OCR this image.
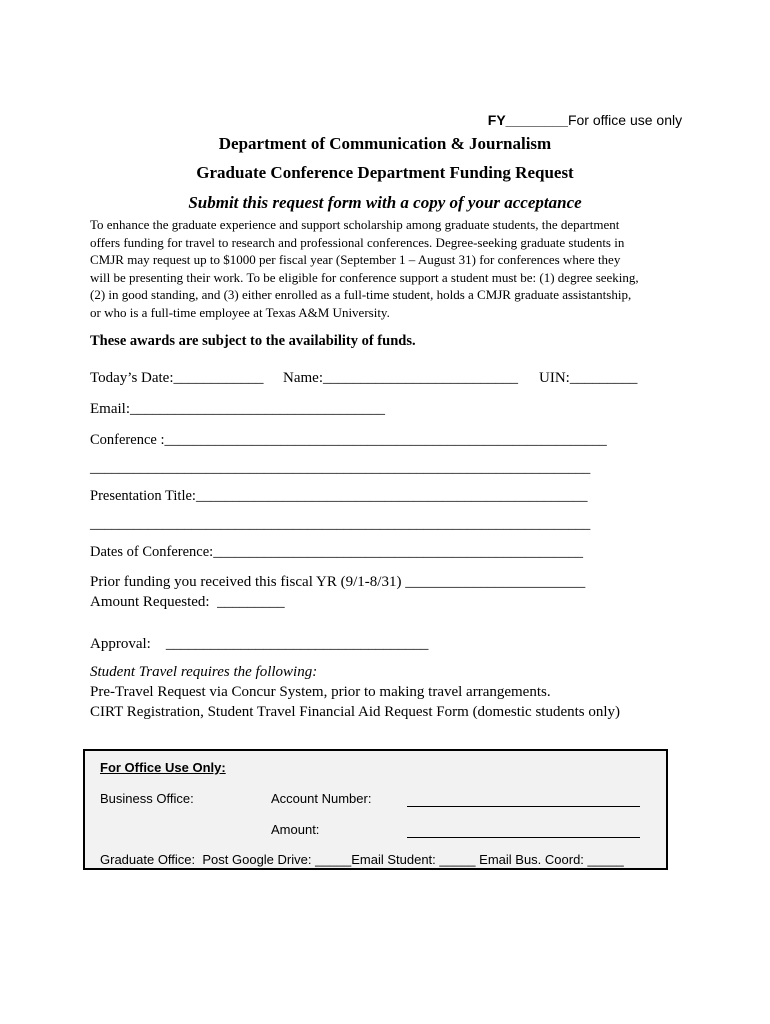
FY________For office use only

Department of Communication & Journalism
Graduate Conference Department Funding Request
Submit this request form with a copy of your acceptance
To enhance the graduate experience and support scholarship among graduate students, the department
offers funding for travel to research and professional conferences. Degree-seeking graduate students in
CMJR may request up to $1000 per fiscal year (September 1 – August 31) for conferences where they
will be presenting their work. To be eligible for conference support a student must be: (1) degree seeking,
(2) in good standing, and (3) either enrolled as a full-time student, holds a CMJR graduate assistantship,
or who is a full-time employee at Texas A&M University.
These awards are subject to the availability of funds.
Today’s Date:____________ Name:__________________________ UIN:_________
Email:__________________________________
Conference :_____________________________________________________________
_____________________________________________________________________
Presentation Title:______________________________________________________
_____________________________________________________________________
Dates of Conference:___________________________________________________
Prior funding you received this fiscal YR (9/1-8/31) ________________________
Amount Requested:  _________
Approval:    ___________________________________
Student Travel requires the following:
Pre-Travel Request via Concur System, prior to making travel arrangements.
CIRT Registration, Student Travel Financial Aid Request Form (domestic students only)
For Office Use Only:
Business Office:	Account Number:
Amount:
Graduate Office:  Post Google Drive: _____Email Student: _____ Email Bus. Coord: _____
